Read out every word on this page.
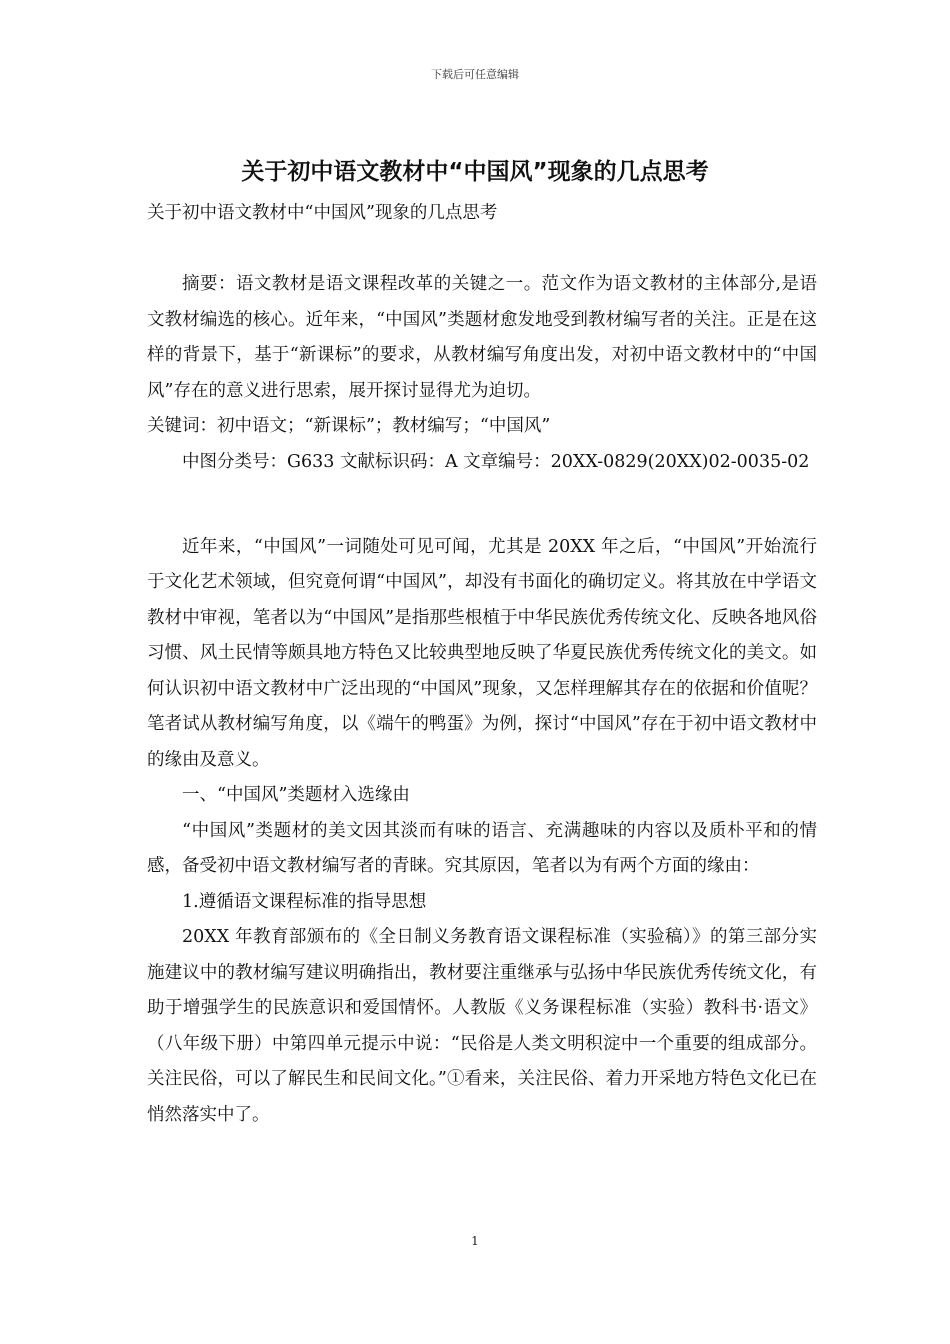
下载后可任意编辑
关于初中语文教材中“中国风”现象的几点思考

关于初中语文教材中“中国风”现象的几点思考

摘要：语文教材是语文课程改革的关键之一。范文作为语文教材的主体部分,是语文教材编选的核心。近年来，“中国风”类题材愈发地受到教材编写者的关注。正是在这样的背景下，基于“新课标”的要求，从教材编写角度出发，对初中语文教材中的“中国风”存在的意义进行思索，展开探讨显得尤为迫切。

关键词：初中语文；“新课标”；教材编写；“中国风”

中图分类号：G633 文献标识码：A 文章编号：20XX-0829(20XX)02-0035-02

近年来，“中国风”一词随处可见可闻，尤其是 20XX 年之后，“中国风”开始流行于文化艺术领域，但究竟何谓“中国风”，却没有书面化的确切定义。将其放在中学语文教材中审视，笔者以为“中国风”是指那些根植于中华民族优秀传统文化、反映各地风俗习惯、风土民情等颇具地方特色又比较典型地反映了华夏民族优秀传统文化的美文。如何认识初中语文教材中广泛出现的“中国风”现象，又怎样理解其存在的依据和价值呢？笔者试从教材编写角度，以《端午的鸭蛋》为例，探讨“中国风”存在于初中语文教材中的缘由及意义。

一、“中国风”类题材入选缘由

“中国风”类题材的美文因其淡而有味的语言、充满趣味的内容以及质朴平和的情感，备受初中语文教材编写者的青睐。究其原因，笔者以为有两个方面的缘由：

1.遵循语文课程标准的指导思想

20XX 年教育部颁布的《全日制义务教育语文课程标准（实验稿）》的第三部分实施建议中的教材编写建议明确指出，教材要注重继承与弘扬中华民族优秀传统文化，有助于增强学生的民族意识和爱国情怀。人教版《义务课程标准（实验）教科书·语文》（八年级下册）中第四单元提示中说：“民俗是人类文明积淀中一个重要的组成部分。关注民俗，可以了解民生和民间文化。”①看来，关注民俗、着力开采地方特色文化已在悄然落实中了。

1
